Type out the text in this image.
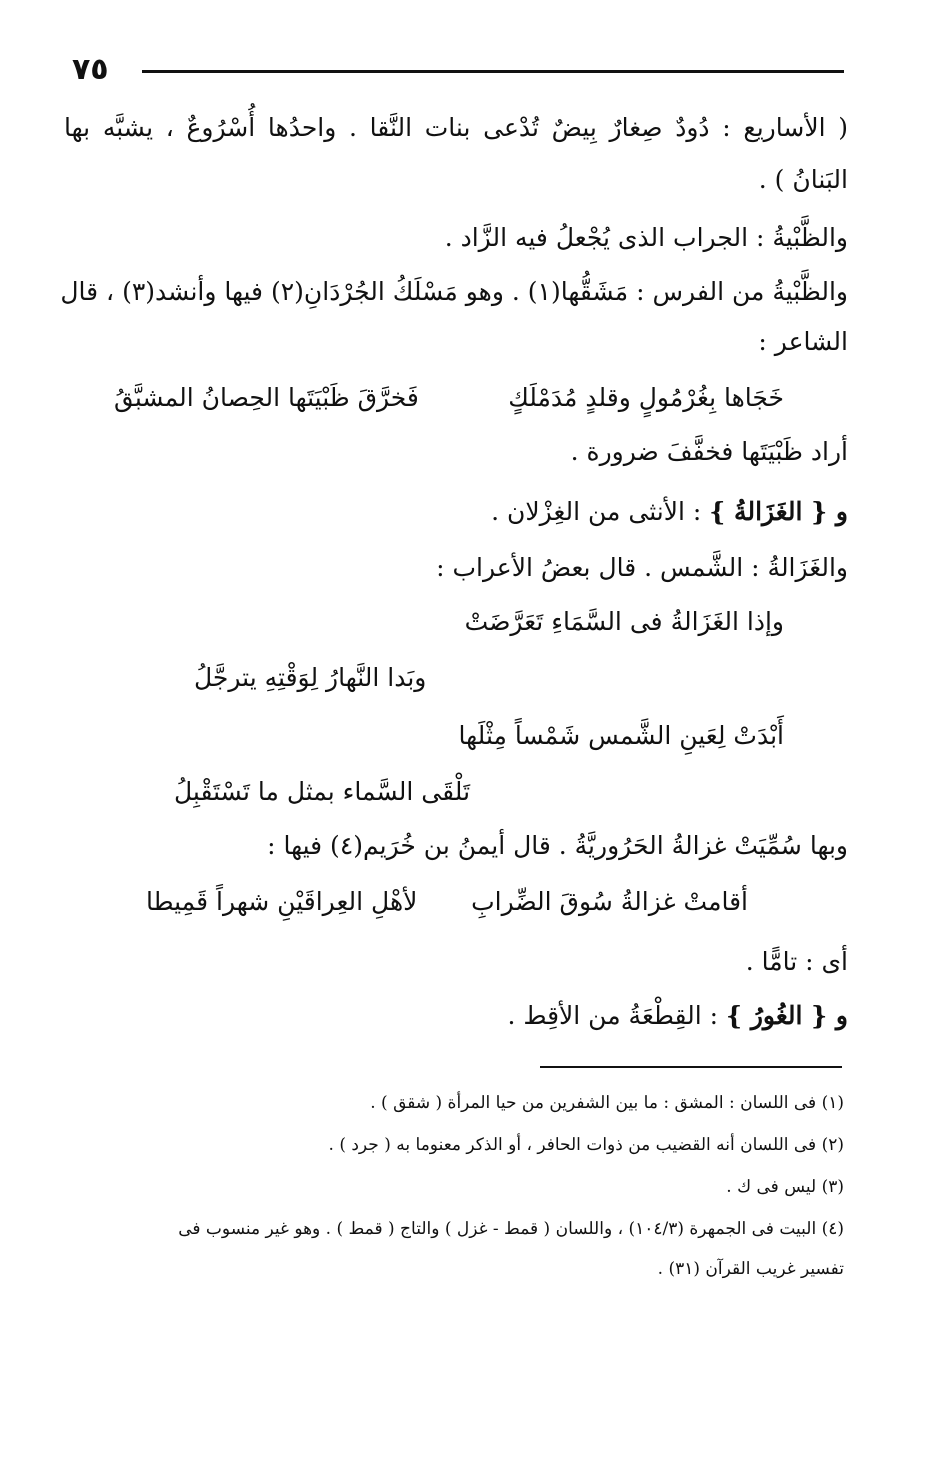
٧٥
( الأساريع : دُودٌ صِغارٌ بِيضٌ تُدْعى بنات النَّقا . واحدُها أُسْرُوعٌ ، يشبَّه بها
البَنانُ ) .
والظَّبْيةُ : الجراب الذى يُجْعلُ فيه الزَّاد .
والظَّبْيةُ من الفرس : مَشَقُّها(١) . وهو مَسْلَكُ الجُرْدَانِ(٢) فيها وأنشد(٣) ، قال
الشاعر :
خَجَاها بِغُرْمُولٍ وقلدٍ مُدَمْلَكٍ
فَخرَّقَ ظَبْيَتَها الحِصانُ المشبَّقُ
أراد ظَبْيَتَها فخفَّفَ ضرورة .
و { الغَزَالةُ } : الأنثى من الغِزْلان .
والغَزَالةُ : الشَّمس . قال بعضُ الأعراب :
وإذا الغَزَالةُ فى السَّمَاءِ تَعَرَّضَتْ
وبَدا النَّهارُ لِوَقْتِهِ يترجَّلُ
أَبْدَتْ لِعَينِ الشَّمس شَمْساً مِثْلَها
تَلْقَى السَّماء بمثل ما تَسْتَقْبِلُ
وبها سُمِّيَتْ غزالةُ الحَرُوريَّةُ . قال أيمنُ بن خُرَيم(٤) فيها :
أقامتْ غزالةُ سُوقَ الضِّرابِ
لأهْلِ العِراقَيْنِ شهراً قَمِيطا
أى : تامًّا .
و { الغُورُ } : القِطْعَةُ من الأقِط .
(١) فى اللسان : المشق : ما بين الشفرين من حيا المرأة ( شقق ) .
(٢) فى اللسان أنه القضيب من ذوات الحافر ، أو الذكر معنوما به ( جرد ) .
(٣) ليس فى ك .
(٤) البيت فى الجمهرة (١٠٤/٣) ، واللسان ( قمط - غزل ) والتاج ( قمط ) . وهو غير منسوب فى
تفسير غريب القرآن (٣١) .
